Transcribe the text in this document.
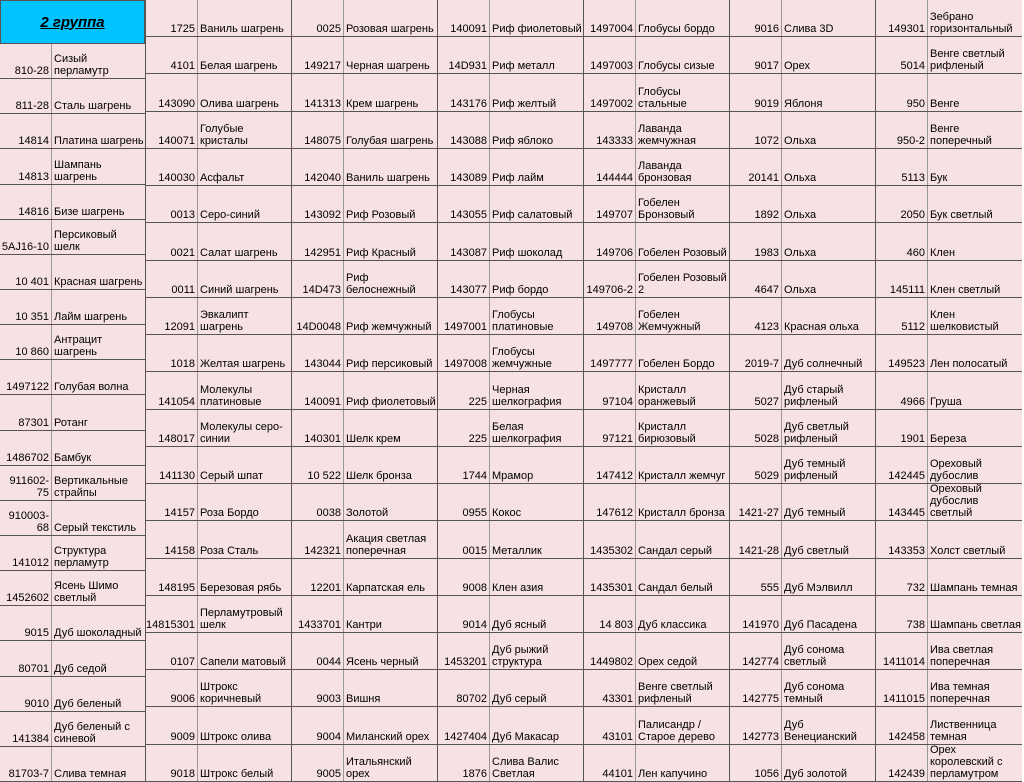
2 группа
810-28
Сизый перламутр
811-28 Сталь шагрень
14814 Платина шагрень
14813
Шампань шагрень
14816 Бизе шагрень
5AJ16-10
Персиковый шелк
10 401 Красная шагрень
10 351 Лайм шагрень
10 860
Антрацит шагрень
1497122 Голубая волна
87301 Ротанг
1486702 Бамбук
911602-75
Вертикальные страйпы
910003-68 Серый текстиль
141012
Структура перламутр
1452602
Ясень Шимо светлый
9015 Дуб шоколадный
80701 Дуб седой
9010 Дуб беленый
141384
Дуб беленый с синевой
81703-7 Слива темная
1725 Ваниль шагрень
4101 Белая шагрень
143090 Олива шагрень
140071
Голубые кристалы
140030 Асфальт
0013 Серо-синий
0021 Салат шагрень
0011 Синий шагрень
12091
Эвкалипт шагрень
1018 Желтая шагрень
141054
Молекулы платиновые
148017
Молекулы серо-синии
141130 Серый шпат
14157 Роза Бордо
14158 Роза Сталь
148195 Березовая рябь
14815301
Перламутровый шелк
0107 Сапели матовый
9006
Штрокс коричневый
9009 Штрокс олива
9018 Штрокс белый
0025 Розовая шагрень
149217 Черная шагрень
141313 Крем шагрень
148075 Голубая шагрень
142040 Ваниль шагрень
143092 Риф Розовый
142951 Риф Красный
14D473
Риф белоснежный
14D0048 Риф жемчужный
143044 Риф персиковый
140091 Риф фиолетовый
140301 Шелк крем
10 522 Шелк бронза
0038 Золотой
142321
Акация светлая поперечная
12201 Карпатская ель
1433701 Кантри
0044 Ясень черный
9003 Вишня
9004 Миланский орех
9005
Итальянский орех
140091 Риф фиолетовый
14D931 Риф металл
143176 Риф желтый
143088 Риф яблоко
143089 Риф лайм
143055 Риф салатовый
143087 Риф шоколад
143077 Риф бордо
1497001
Глобусы платиновые
1497008
Глобусы жемчужные
225
Черная шелкография
225
Белая шелкография
1744 Мрамор
0955 Кокос
0015 Металлик
9008 Клен азия
9014 Дуб ясный
1453201
Дуб рыжий структура
80702 Дуб серый
1427404 Дуб Макасар
1876
Слива Валис Светлая
1497004 Глобусы бордо
1497003 Глобусы сизые
1497002
Глобусы стальные
143333
Лаванда жемчужная
144444
Лаванда бронзовая
149707
Гобелен Бронзовый
149706 Гобелен Розовый
149706-2
Гобелен Розовый 2
149708
Гобелен Жемчужный
1497777 Гобелен Бордо
97104
Кристалл оранжевый
97121
Кристалл бирюзовый
147412 Кристалл жемчуг
147612 Кристалл бронза
1435302 Сандал серый
1435301 Сандал белый
14 803 Дуб классика
1449802 Орех седой
43301
Венге светлый рифленый
43101
Палисандр / Старое дерево
44101 Лен капучино
9016 Слива 3D
9017 Орех
9019 Яблоня
1072 Ольха
20141 Ольха
1892 Ольха
1983 Ольха
4647 Ольха
4123 Красная ольха
2019-7 Дуб солнечный
5027
Дуб старый рифленый
5028
Дуб светлый рифленый
5029
Дуб темный рифленый
1421-27 Дуб темный
1421-28 Дуб светлый
555 Дуб Мэлвилл
141970 Дуб Пасадена
142774
Дуб сонома светлый
142775
Дуб сонома темный
142773
Дуб Венецианский
1056 Дуб золотой
149301
Зебрано горизонтальный
5014
Венге светлый рифленый
950 Венге
950-2
Венге поперечный
5113 Бук
2050 Бук светлый
460 Клен
145111 Клен светлый
5112
Клен шелковистый
149523 Лен полосатый
4966 Груша
1901 Береза
142445
Ореховый дубослив
143445
Ореховый дубослив светлый
143353 Холст светлый
732 Шампань темная
738 Шампань светлая
1411014
Ива светлая поперечная
1411015
Ива темная поперечная
142458
Лиственница темная
142439
Орех королевский с перламутром
